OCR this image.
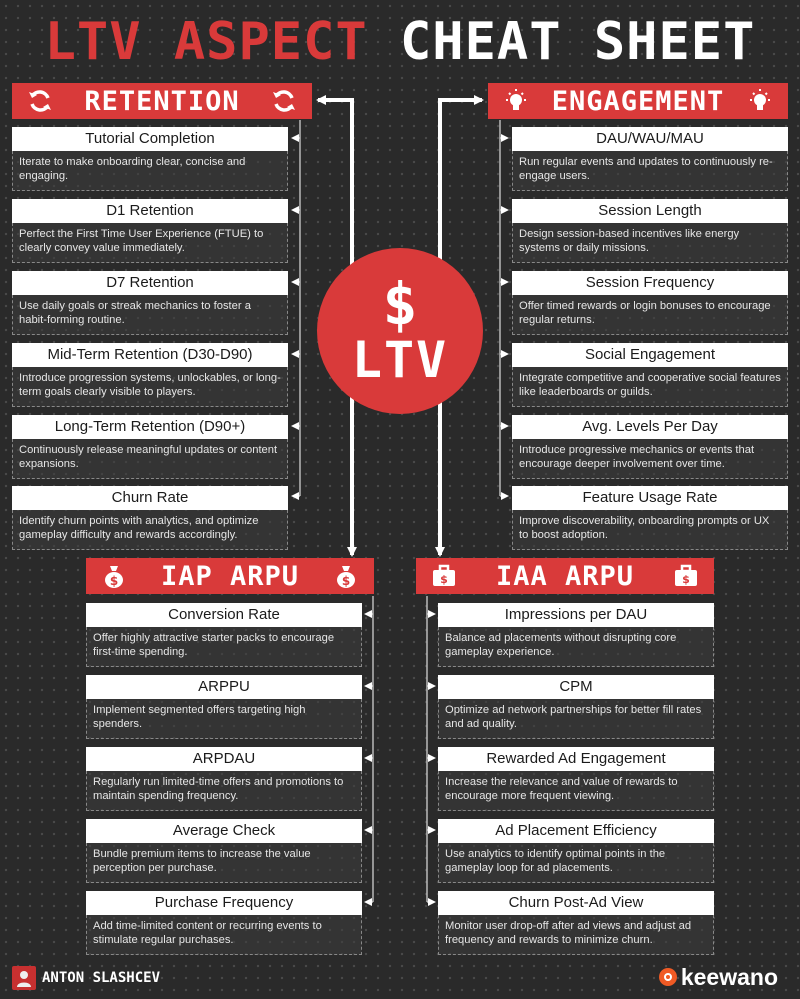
LTV ASPECT CHEAT SHEET
RETENTION	ENGAGEMENT
$ IAP ARPU	$	$ IAA ARPU	$
Tutorial Completion
Iterate to make onboarding clear, concise and engaging.
D1 Retention
Perfect the First Time User Experience (FTUE) to clearly convey value immediately.
D7 Retention
Use daily goals or streak mechanics to foster a habit-forming routine.
Mid-Term Retention (D30-D90)
Introduce progression systems, unlockables, or long-term goals clearly visible to players.
Long-Term Retention (D90+)
Continuously release meaningful updates or content expansions.
Churn Rate
Identify churn points with analytics, and optimize gameplay difficulty and rewards accordingly.
DAU/WAU/MAU
Run regular events and updates to continuously re-engage users.
Session Length
Design session-based incentives like energy systems or daily missions.
Session Frequency
Offer timed rewards or login bonuses to encourage regular returns.
Social Engagement
Integrate competitive and cooperative social features like leaderboards or guilds.
Avg. Levels Per Day
Introduce progressive mechanics or events that encourage deeper involvement over time.
Feature Usage Rate
Improve discoverability, onboarding prompts or UX to boost adoption.
Conversion Rate
Offer highly attractive starter packs to encourage first-time spending.
ARPPU
Implement segmented offers targeting high spenders.
ARPDAU
Regularly run limited-time offers and promotions to maintain spending frequency.
Average Check
Bundle premium items to increase the value perception per purchase.
Purchase Frequency
Add time-limited content or recurring events to stimulate regular purchases.
Impressions per DAU
Balance ad placements without disrupting core gameplay experience.
CPM
Optimize ad network partnerships for better fill rates and ad quality.
Rewarded Ad Engagement
Increase the relevance and value of rewards to encourage more frequent viewing.
Ad Placement Efficiency
Use analytics to identify optimal points in the gameplay loop for ad placements.
Churn Post-Ad View
Monitor user drop-off after ad views and adjust ad frequency and rewards to minimize churn.
$
LTV
ANTON SLASHCEV	keewano
